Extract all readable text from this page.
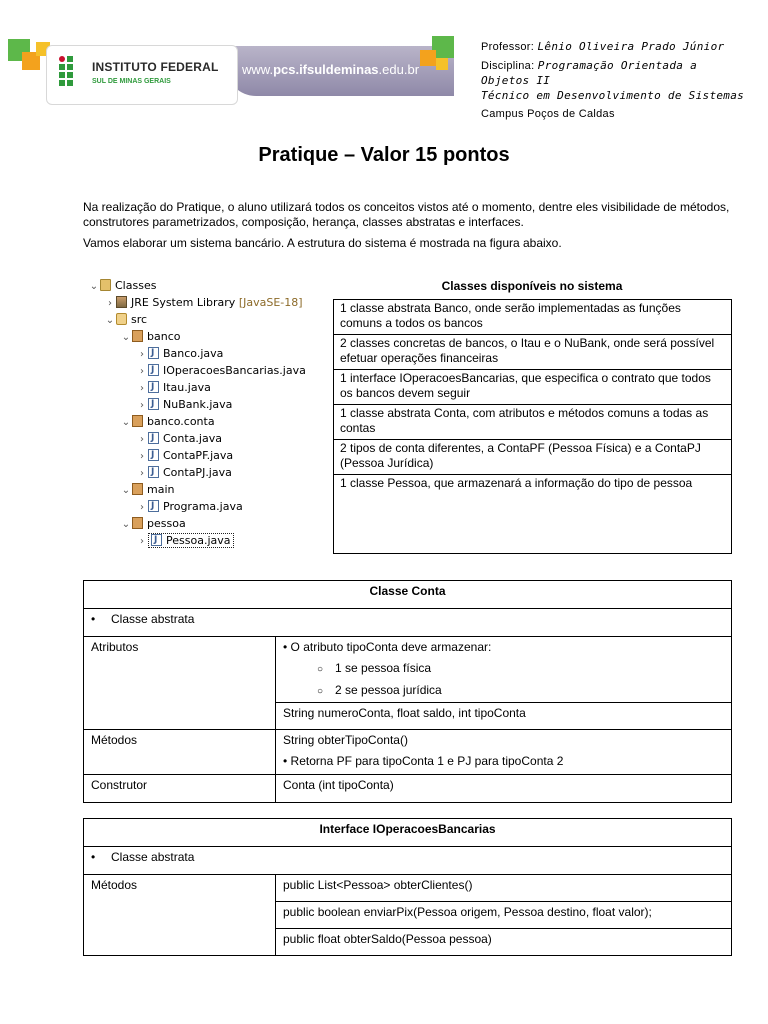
www.pcs.ifsuldeminas.edu.br
INSTITUTO FEDERAL
SUL DE MINAS GERAIS
Professor: Lênio Oliveira Prado Júnior
Disciplina: Programação Orientada a
Objetos II
Técnico em Desenvolvimento de Sistemas
Campus Poços de Caldas
Pratique – Valor 15 pontos
Na realização do Pratique, o aluno utilizará todos os conceitos vistos até o momento, dentre eles visibilidade de métodos, construtores parametrizados, composição, herança, classes abstratas e interfaces.
Vamos elaborar um sistema bancário. A estrutura do sistema é mostrada na figura abaixo.
⌄ Classes
› JRE System Library [JavaSE-18]
⌄ src
⌄ banco
› J Banco.java
› J IOperacoesBancarias.java
› J Itau.java
› J NuBank.java
⌄ banco.conta
› J Conta.java
› J ContaPF.java
› J ContaPJ.java
⌄ main
› J Programa.java
⌄ pessoa
› J Pessoa.java
Classes disponíveis no sistema
1 classe abstrata Banco, onde serão implementadas as funções comuns a todos os bancos
2 classes concretas de bancos, o Itau e o NuBank, onde será possível efetuar operações financeiras
1 interface IOperacoesBancarias, que especifica o contrato que todos os bancos devem seguir
1 classe abstrata Conta, com atributos e métodos comuns a todas as contas
2 tipos de conta diferentes, a ContaPF (Pessoa Física) e a ContaPJ (Pessoa Jurídica)
1 classe Pessoa, que armazenará a informação do tipo de pessoa
Classe Conta	
• Classe abstrata	
Atributos	• O atributo tipoConta deve armazenar:
○ 1 se pessoa física
○ 2 se pessoa jurídica

	String numeroConta, float saldo, int tipoConta
Métodos	String obterTipoConta()
• Retorna PF para tipoConta 1 e PJ para tipoConta 2

Construtor	Conta (int tipoConta)
Interface IOperacoesBancarias
• Classe abstrata
Métodos	public List<Pessoa> obterClientes()
public boolean enviarPix(Pessoa origem, Pessoa destino, float valor);
public float obterSaldo(Pessoa pessoa)
